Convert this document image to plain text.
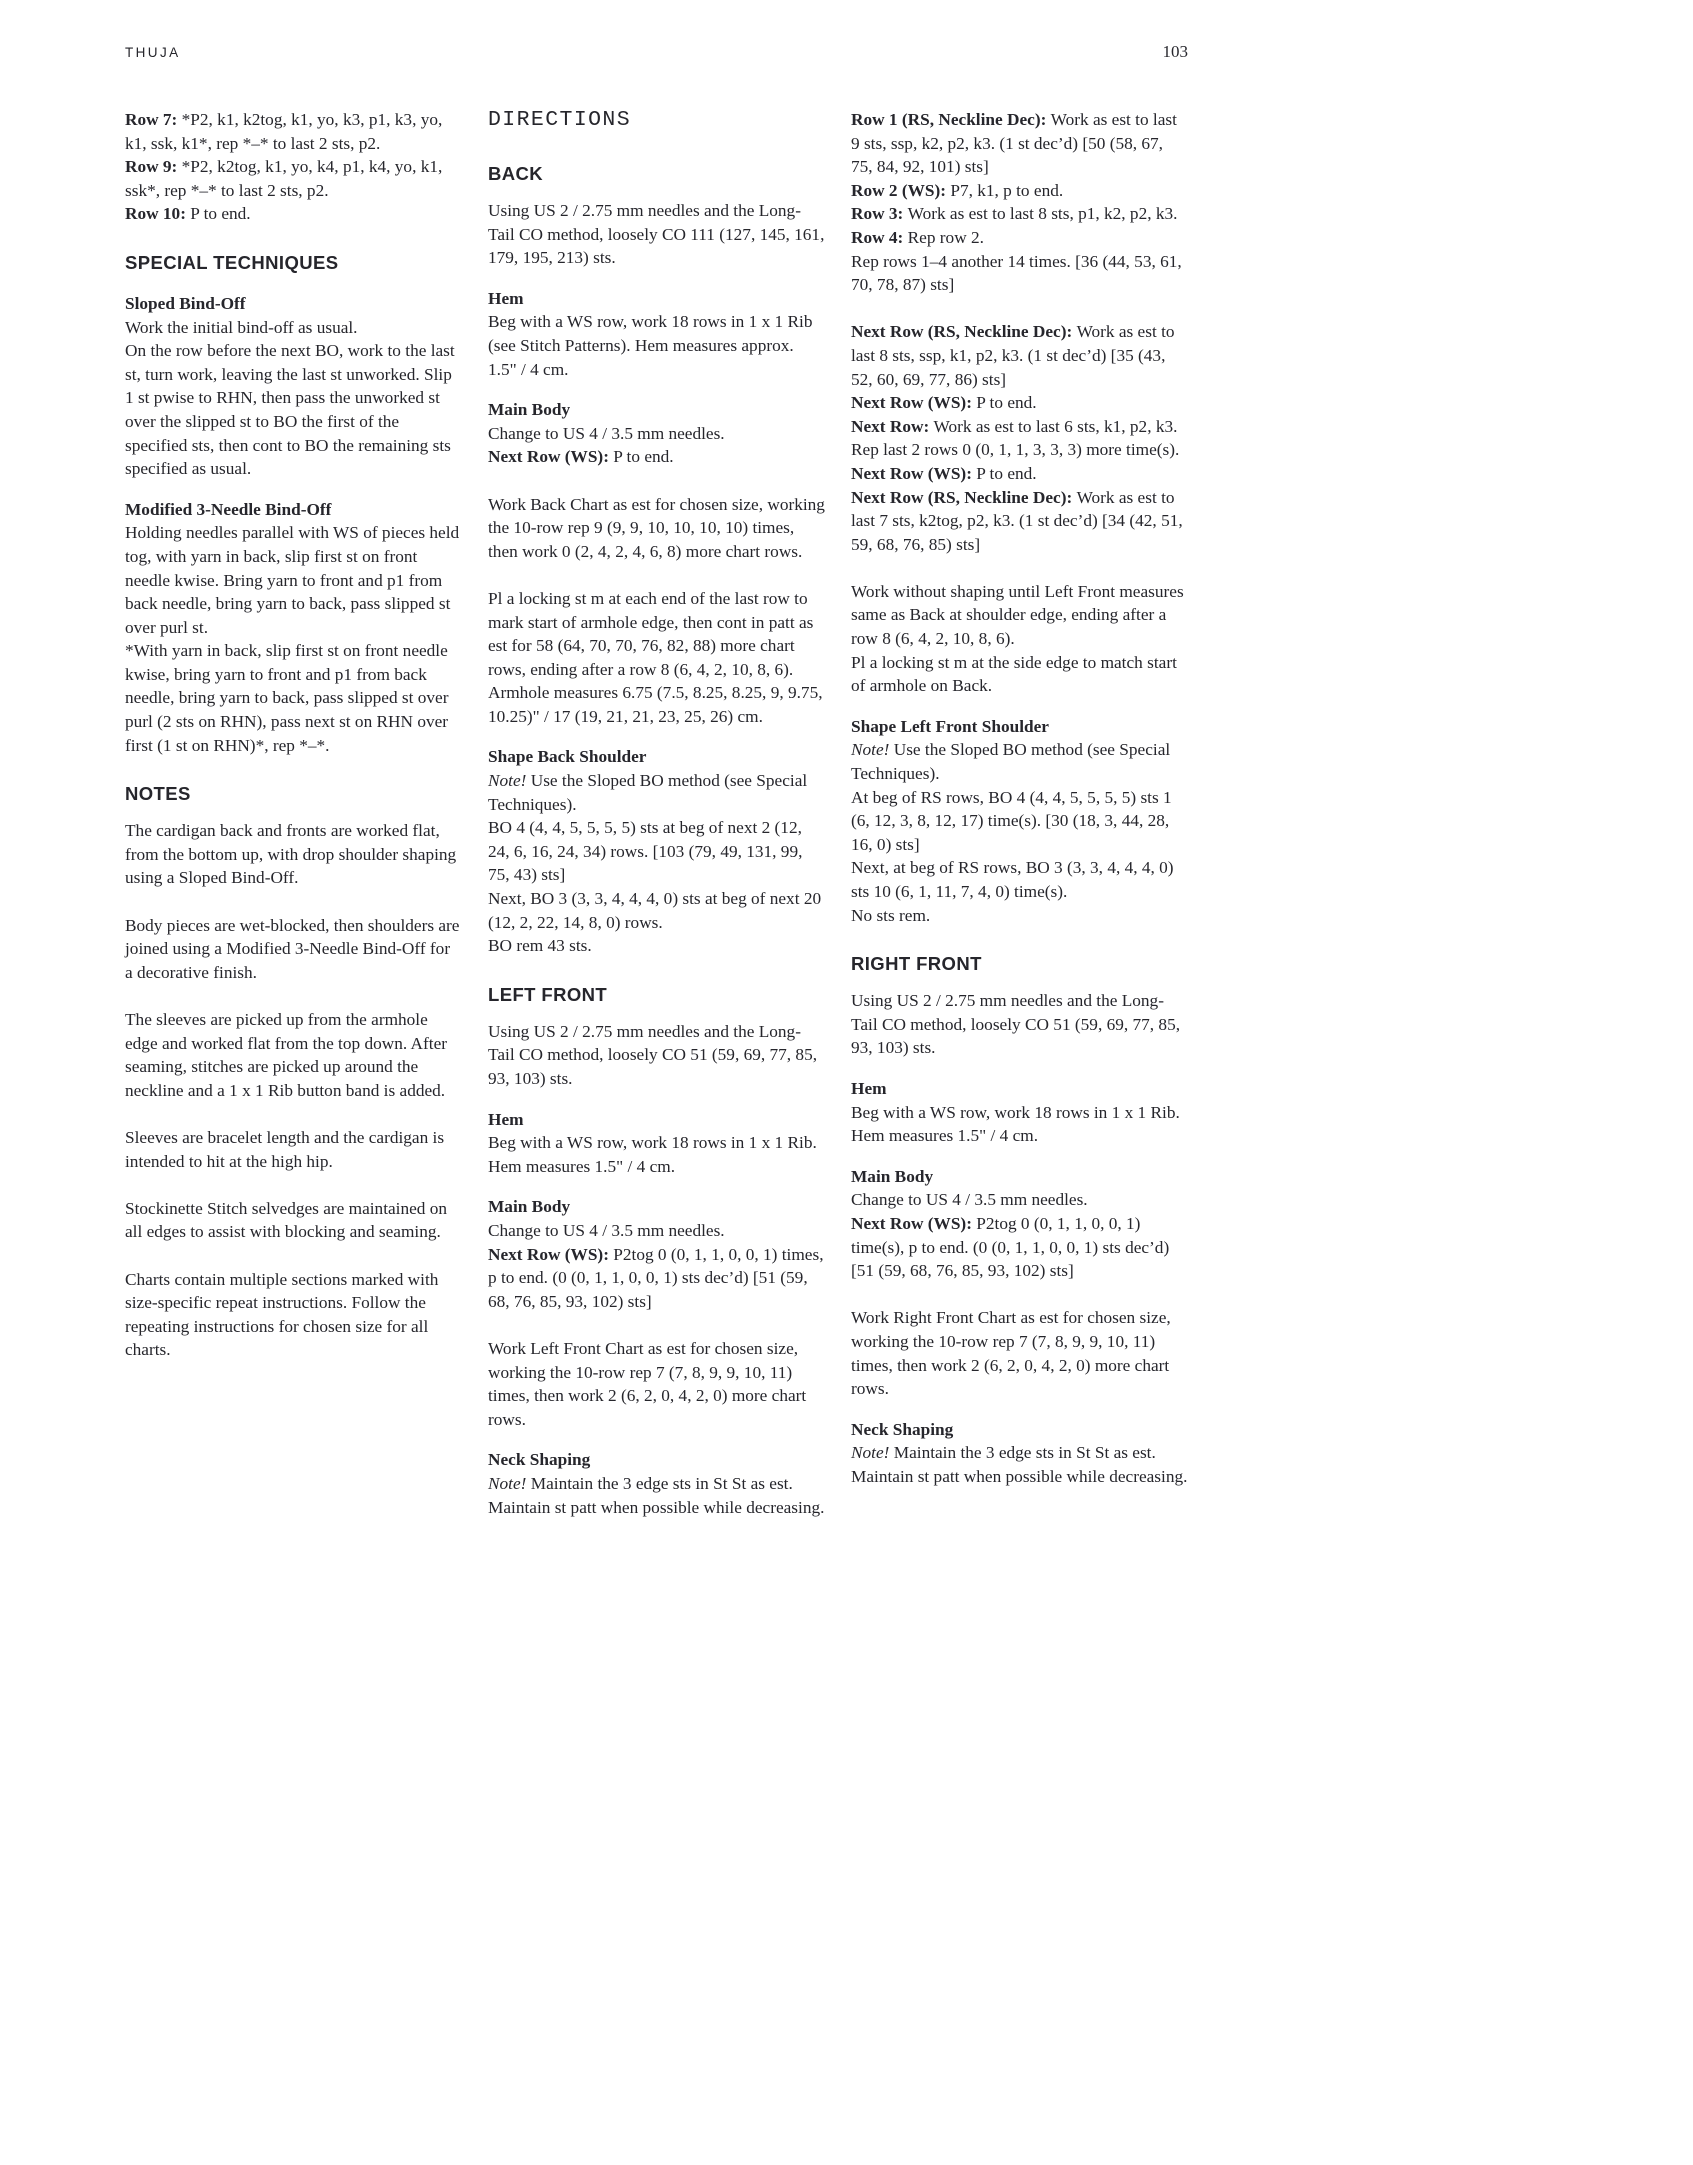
THUJA	103

Row 7: *P2, k1, k2tog, k1, yo, k3, p1, k3, yo, k1, ssk, k1*, rep *–* to last 2 sts, p2.

Row 9: *P2, k2tog, k1, yo, k4, p1, k4, yo, k1, ssk*, rep *–* to last 2 sts, p2.

Row 10: P to end.

SPECIAL TECHNIQUES
Sloped Bind-Off

Work the initial bind-off as usual.

On the row before the next BO, work to the last st, turn work, leaving the last st unworked. Slip 1 st pwise to RHN, then pass the unworked st over the slipped st to BO the first of the specified sts, then cont to BO the remaining sts specified as usual.

Modified 3-Needle Bind-Off

Holding needles parallel with WS of pieces held tog, with yarn in back, slip first st on front needle kwise. Bring yarn to front and p1 from back needle, bring yarn to back, pass slipped st over purl st.

*With yarn in back, slip first st on front needle kwise, bring yarn to front and p1 from back needle, bring yarn to back, pass slipped st over purl (2 sts on RHN), pass next st on RHN over first (1 st on RHN)*, rep *–*.

NOTES

The cardigan back and fronts are worked flat, from the bottom up, with drop shoulder shaping using a Sloped Bind-Off.

Body pieces are wet-blocked, then shoulders are joined using a Modified 3-Needle Bind-Off for a decorative finish.

The sleeves are picked up from the armhole edge and worked flat from the top down. After seaming, stitches are picked up around the neckline and a 1 x 1 Rib button band is added.

Sleeves are bracelet length and the cardigan is intended to hit at the high hip.

Stockinette Stitch selvedges are maintained on all edges to assist with blocking and seaming.

Charts contain multiple sections marked with size-specific repeat instructions. Follow the repeating instructions for chosen size for all charts.

DIRECTIONS
BACK

Using US 2 / 2.75 mm needles and the Long-Tail CO method, loosely CO 111 (127, 145, 161, 179, 195, 213) sts.

Hem

Beg with a WS row, work 18 rows in 1 x 1 Rib (see Stitch Patterns). Hem measures approx. 1.5" / 4 cm.

Main Body

Change to US 4 / 3.5 mm needles.

Next Row (WS): P to end.

Work Back Chart as est for chosen size, working the 10-row rep 9 (9, 9, 10, 10, 10, 10) times, then work 0 (2, 4, 2, 4, 6, 8) more chart rows.

Pl a locking st m at each end of the last row to mark start of armhole edge, then cont in patt as est for 58 (64, 70, 70, 76, 82, 88) more chart rows, ending after a row 8 (6, 4, 2, 10, 8, 6). Armhole measures 6.75 (7.5, 8.25, 8.25, 9, 9.75, 10.25)" / 17 (19, 21, 21, 23, 25, 26) cm.

Shape Back Shoulder

Note! Use the Sloped BO method (see Special Techniques).

BO 4 (4, 4, 5, 5, 5, 5) sts at beg of next 2 (12, 24, 6, 16, 24, 34) rows. [103 (79, 49, 131, 99, 75, 43) sts]

Next, BO 3 (3, 3, 4, 4, 4, 0) sts at beg of next 20 (12, 2, 22, 14, 8, 0) rows.

BO rem 43 sts.

LEFT FRONT

Using US 2 / 2.75 mm needles and the Long-Tail CO method, loosely CO 51 (59, 69, 77, 85, 93, 103) sts.

Hem

Beg with a WS row, work 18 rows in 1 x 1 Rib. Hem measures 1.5" / 4 cm.

Main Body

Change to US 4 / 3.5 mm needles.

Next Row (WS): P2tog 0 (0, 1, 1, 0, 0, 1) times, p to end. (0 (0, 1, 1, 0, 0, 1) sts dec’d) [51 (59, 68, 76, 85, 93, 102) sts]

Work Left Front Chart as est for chosen size, working the 10-row rep 7 (7, 8, 9, 9, 10, 11) times, then work 2 (6, 2, 0, 4, 2, 0) more chart rows.

Neck Shaping

Note! Maintain the 3 edge sts in St St as est. Maintain st patt when possible while decreasing.

Row 1 (RS, Neckline Dec): Work as est to last 9 sts, ssp, k2, p2, k3. (1 st dec’d) [50 (58, 67, 75, 84, 92, 101) sts]

Row 2 (WS): P7, k1, p to end.

Row 3: Work as est to last 8 sts, p1, k2, p2, k3.

Row 4: Rep row 2.

Rep rows 1–4 another 14 times. [36 (44, 53, 61, 70, 78, 87) sts]

Next Row (RS, Neckline Dec): Work as est to last 8 sts, ssp, k1, p2, k3. (1 st dec’d) [35 (43, 52, 60, 69, 77, 86) sts]

Next Row (WS): P to end.

Next Row: Work as est to last 6 sts, k1, p2, k3.

Rep last 2 rows 0 (0, 1, 1, 3, 3, 3) more time(s).

Next Row (WS): P to end.

Next Row (RS, Neckline Dec): Work as est to last 7 sts, k2tog, p2, k3. (1 st dec’d) [34 (42, 51, 59, 68, 76, 85) sts]

Work without shaping until Left Front measures same as Back at shoulder edge, ending after a row 8 (6, 4, 2, 10, 8, 6).

Pl a locking st m at the side edge to match start of armhole on Back.

Shape Left Front Shoulder

Note! Use the Sloped BO method (see Special Techniques).

At beg of RS rows, BO 4 (4, 4, 5, 5, 5, 5) sts 1 (6, 12, 3, 8, 12, 17) time(s). [30 (18, 3, 44, 28, 16, 0) sts]

Next, at beg of RS rows, BO 3 (3, 3, 4, 4, 4, 0) sts 10 (6, 1, 11, 7, 4, 0) time(s).

No sts rem.

RIGHT FRONT

Using US 2 / 2.75 mm needles and the Long-Tail CO method, loosely CO 51 (59, 69, 77, 85, 93, 103) sts.

Hem

Beg with a WS row, work 18 rows in 1 x 1 Rib. Hem measures 1.5" / 4 cm.

Main Body

Change to US 4 / 3.5 mm needles.

Next Row (WS): P2tog 0 (0, 1, 1, 0, 0, 1) time(s), p to end. (0 (0, 1, 1, 0, 0, 1) sts dec’d) [51 (59, 68, 76, 85, 93, 102) sts]

Work Right Front Chart as est for chosen size, working the 10-row rep 7 (7, 8, 9, 9, 10, 11) times, then work 2 (6, 2, 0, 4, 2, 0) more chart rows.

Neck Shaping

Note! Maintain the 3 edge sts in St St as est. Maintain st patt when possible while decreasing.
